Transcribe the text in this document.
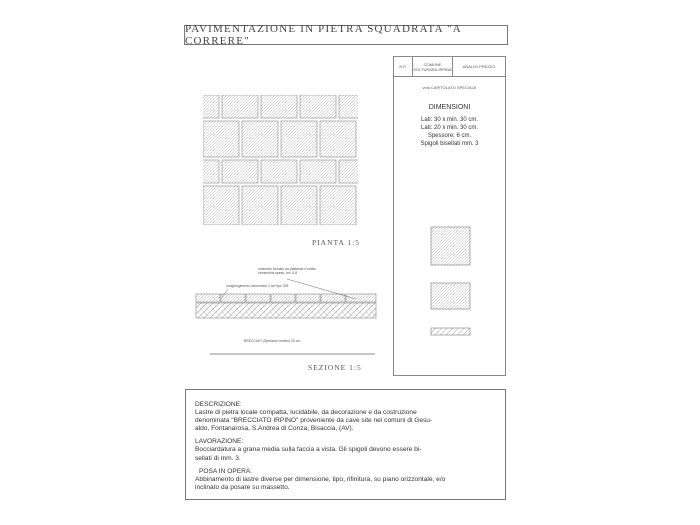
PAVIMENTAZIONE IN PIETRA SQUADRATA "A CORRERE"
PIANTA 1:5
massetto formato da piattaiolo e malta
cementizia spess. cm. 6-8
congiungimento cementizio 2 cm tipo 325
BRECCIATI (Spessore minimo 25 cm
SEZIONE 1:5
N.P.	COMUNE VOLTURARA IRPINA	ANALISI PREZZO
vedi CAPITOLATO SPECIALE
DIMENSIONI
Lati: 30 x min. 30 cm.
Lati: 20 x min. 30 cm.
Spessore: 6 cm.
Spigoli bisellati mm. 3

DESCRIZIONE:

Lastre di pietra locale compatta, lucidabile, da decorazione e da costruzione

denominata "BRECCIATO IRPINO" proveniente da cave site nei comuni di Gesu-

aldo, Fontanarosa, S.Andrea di Conza, Bisaccia, (AV).

LAVORAZIONE:

Bocciardatura a grana media sulla faccia a vista. Gli spigoli devono essere bi-

sellati di mm. 3.

POSA IN OPERA:

Abbinamento di lastre diverse per dimensione, tipo, rifinitura, su piano orizzontale, e/o

inclinato da posare su massetto.
